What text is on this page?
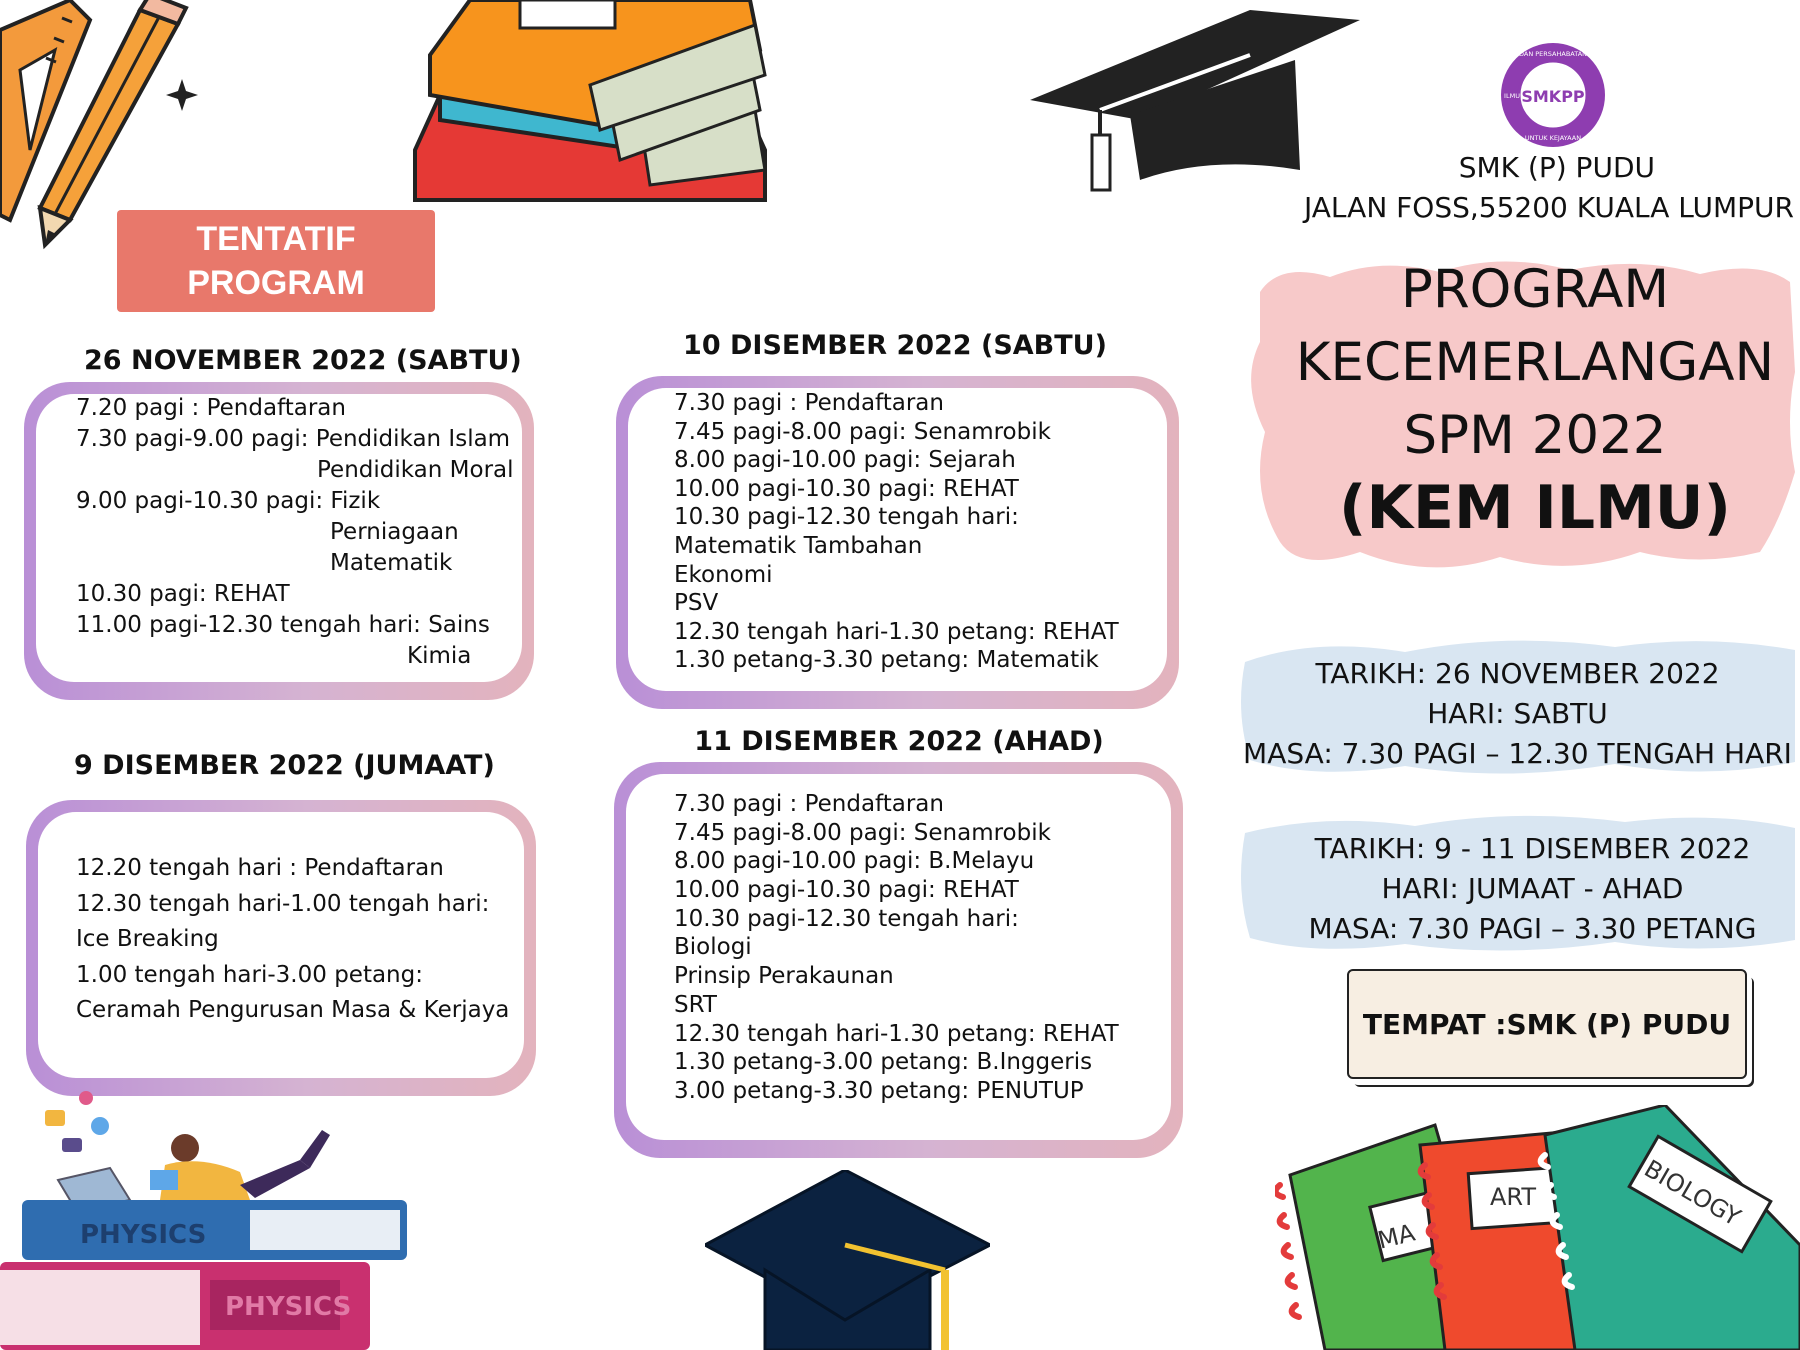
SMKPP
DAN PERSAHABATAN
ILMU
UNTUK KEJAYAAN
SMK (P) PUDU
JALAN FOSS,55200 KUALA LUMPUR
TENTATIF
PROGRAM	PROGRAM
KECEMERLANGAN
SPM 2022
(KEM ILMU)
TARIKH: 26 NOVEMBER 2022
HARI: SABTU
MASA: 7.30 PAGI – 12.30 TENGAH HARI
TARIKH: 9 - 11 DISEMBER 2022
HARI: JUMAAT - AHAD
MASA: 7.30 PAGI – 3.30 PETANG
TEMPAT :SMK (P) PUDU
26 NOVEMBER 2022 (SABTU)
7.20 pagi : Pendaftaran
7.30 pagi-9.00 pagi: Pendidikan Islam
Pendidikan Moral
9.00 pagi-10.30 pagi: Fizik
Perniagaan
Matematik
10.30 pagi: REHAT
11.00 pagi-12.30 tengah hari: Sains
Kimia
10 DISEMBER 2022 (SABTU)
7.30 pagi : Pendaftaran
7.45 pagi-8.00 pagi: Senamrobik
8.00 pagi-10.00 pagi: Sejarah
10.00 pagi-10.30 pagi: REHAT
10.30 pagi-12.30 tengah hari:
Matematik Tambahan
Ekonomi
PSV
12.30 tengah hari-1.30 petang: REHAT
1.30 petang-3.30 petang: Matematik
9 DISEMBER 2022 (JUMAAT)
12.20 tengah hari : Pendaftaran
12.30 tengah hari-1.00 tengah hari:
Ice Breaking
1.00 tengah hari-3.00 petang:
Ceramah Pengurusan Masa & Kerjaya
11 DISEMBER 2022 (AHAD)
7.30 pagi : Pendaftaran
7.45 pagi-8.00 pagi: Senamrobik
8.00 pagi-10.00 pagi: B.Melayu
10.00 pagi-10.30 pagi: REHAT
10.30 pagi-12.30 tengah hari:
Biologi
Prinsip Perakaunan
SRT
12.30 tengah hari-1.30 petang: REHAT
1.30 petang-3.00 petang: B.Inggeris
3.00 petang-3.30 petang: PENUTUP
PHYSICS
PHYSICS
MA
ART	BIOLOGY
